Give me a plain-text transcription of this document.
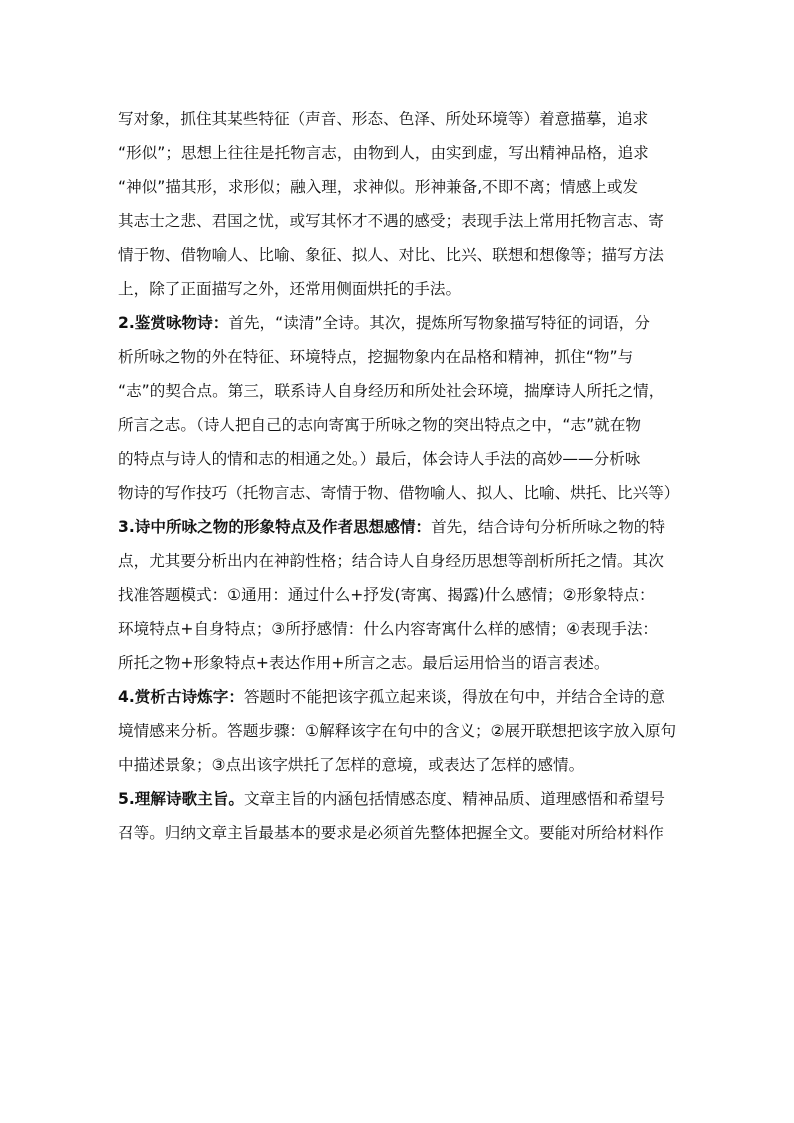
写对象，抓住其某些特征（声音、形态、色泽、所处环境等）着意描摹，追求
“形似”；思想上往往是托物言志，由物到人，由实到虚，写出精神品格，追求
“神似”描其形，求形似；融入理，求神似。形神兼备,不即不离；情感上或发
其志士之悲、君国之忧，或写其怀才不遇的感受；表现手法上常用托物言志、寄
情于物、借物喻人、比喻、象征、拟人、对比、比兴、联想和想像等；描写方法
上，除了正面描写之外，还常用侧面烘托的手法。
2.鉴赏咏物诗：首先，“读清”全诗。其次，提炼所写物象描写特征的词语，分
析所咏之物的外在特征、环境特点，挖掘物象内在品格和精神，抓住“物”与
“志”的契合点。第三，联系诗人自身经历和所处社会环境，揣摩诗人所托之情，
所言之志。（诗人把自己的志向寄寓于所咏之物的突出特点之中，“志”就在物
的特点与诗人的情和志的相通之处。）最后，体会诗人手法的高妙——分析咏
物诗的写作技巧（托物言志、寄情于物、借物喻人、拟人、比喻、烘托、比兴等）
3.诗中所咏之物的形象特点及作者思想感情：首先，结合诗句分析所咏之物的特
点，尤其要分析出内在神韵性格；结合诗人自身经历思想等剖析所托之情。其次
找准答题模式：①通用：通过什么+抒发(寄寓、揭露)什么感情；②形象特点：
环境特点+自身特点；③所抒感情：什么内容寄寓什么样的感情；④表现手法：
所托之物+形象特点+表达作用+所言之志。最后运用恰当的语言表述。
4.赏析古诗炼字：答题时不能把该字孤立起来谈，得放在句中，并结合全诗的意
境情感来分析。答题步骤：①解释该字在句中的含义；②展开联想把该字放入原句
中描述景象；③点出该字烘托了怎样的意境，或表达了怎样的感情。
5.理解诗歌主旨。文章主旨的内涵包括情感态度、精神品质、道理感悟和希望号
召等。归纳文章主旨最基本的要求是必须首先整体把握全文。要能对所给材料作
